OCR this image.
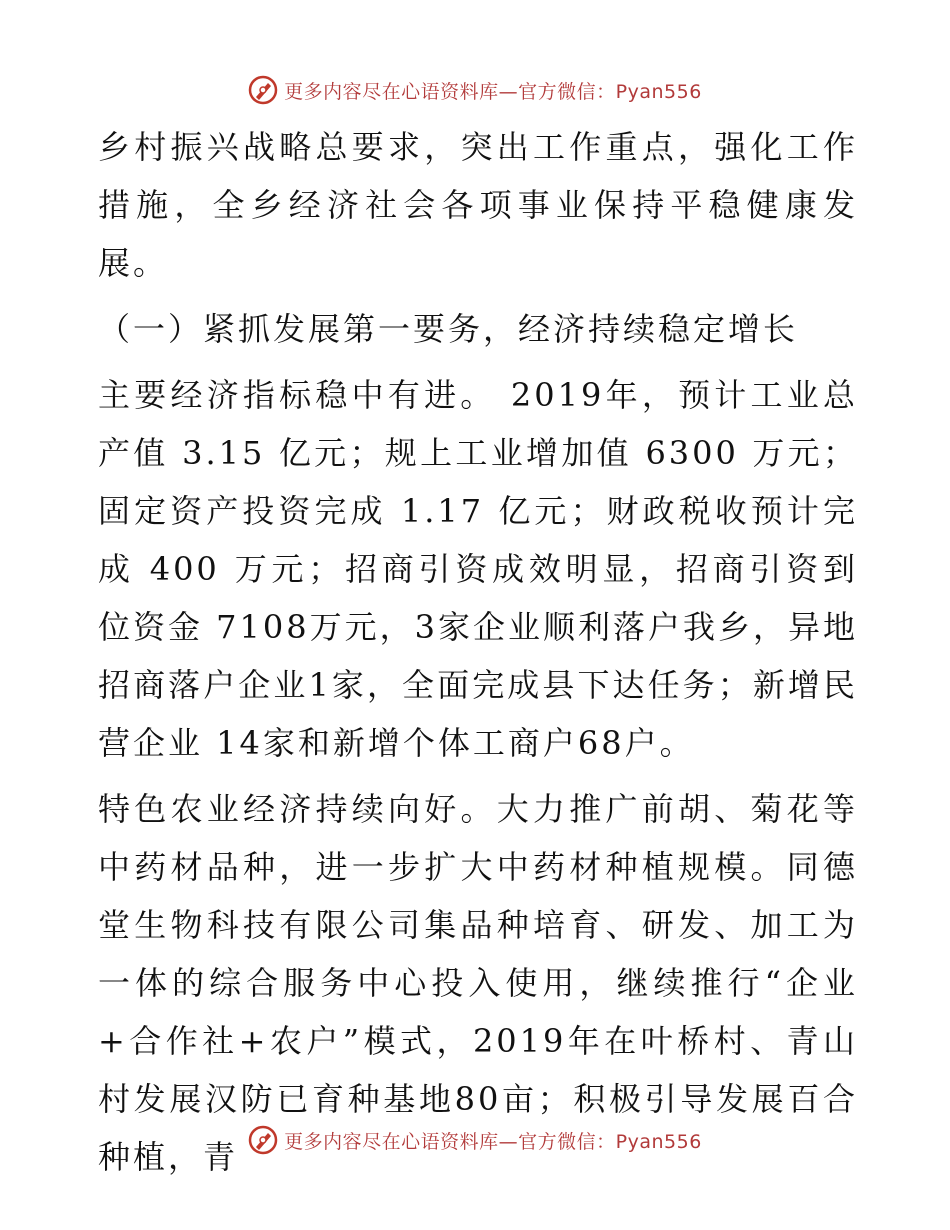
更多内容尽在心语资料库—官方微信：Pyan556

乡村振兴战略总要求，突出工作重点，强化工作措施，全乡经济社会各项事业保持平稳健康发展。

（一）紧抓发展第一要务，经济持续稳定增长

主要经济指标稳中有进。 2019年，预计工业总产值 3.15 亿元；规上工业增加值 6300 万元；固定资产投资完成 1.17 亿元；财政税收预计完成 400 万元；招商引资成效明显，招商引资到位资金 7108万元，3家企业顺利落户我乡，异地招商落户企业1家，全面完成县下达任务；新增民营企业 14家和新增个体工商户68户。

特色农业经济持续向好。大力推广前胡、菊花等中药材品种，进一步扩大中药材种植规模。同德堂生物科技有限公司集品种培育、研发、加工为一体的综合服务中心投入使用，继续推行“企业+合作社+农户”模式，2019年在叶桥村、青山村发展汉防已育种基地80亩；积极引导发展百合种植，青	更多内容尽在心语资料库—官方微信：Pyan556
